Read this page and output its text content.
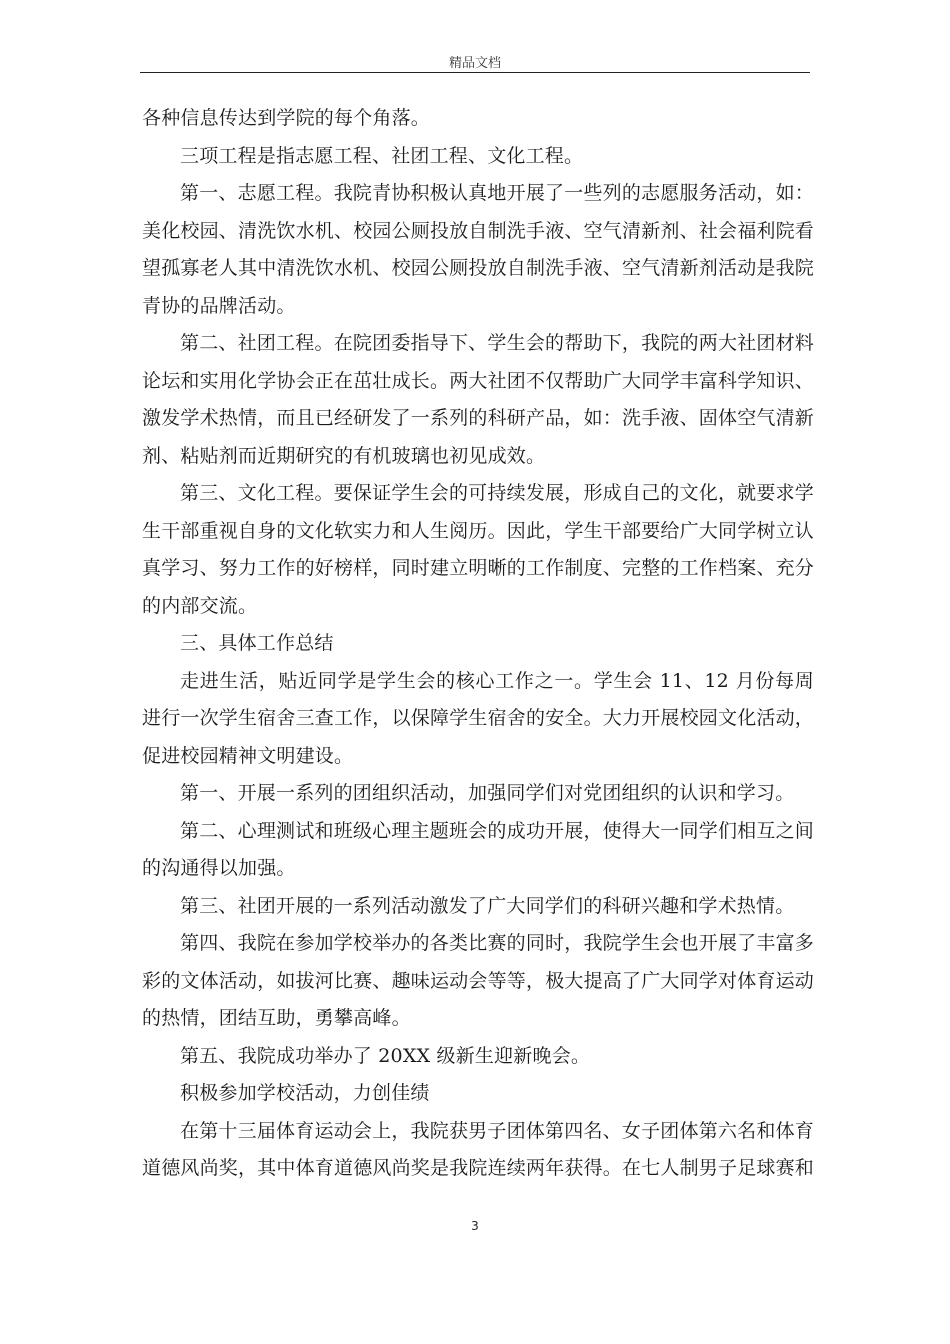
精品文档

各种信息传达到学院的每个角落。

三项工程是指志愿工程、社团工程、文化工程。

第一、志愿工程。我院青协积极认真地开展了一些列的志愿服务活动，如：美化校园、清洗饮水机、校园公厕投放自制洗手液、空气清新剂、社会福利院看望孤寡老人其中清洗饮水机、校园公厕投放自制洗手液、空气清新剂活动是我院青协的品牌活动。

第二、社团工程。在院团委指导下、学生会的帮助下，我院的两大社团材料论坛和实用化学协会正在茁壮成长。两大社团不仅帮助广大同学丰富科学知识、激发学术热情，而且已经研发了一系列的科研产品，如：洗手液、固体空气清新剂、粘贴剂而近期研究的有机玻璃也初见成效。

第三、文化工程。要保证学生会的可持续发展，形成自己的文化，就要求学生干部重视自身的文化软实力和人生阅历。因此，学生干部要给广大同学树立认真学习、努力工作的好榜样，同时建立明晰的工作制度、完整的工作档案、充分的内部交流。

三、具体工作总结

走进生活，贴近同学是学生会的核心工作之一。学生会 11、12 月份每周进行一次学生宿舍三查工作，以保障学生宿舍的安全。大力开展校园文化活动，促进校园精神文明建设。

第一、开展一系列的团组织活动，加强同学们对党团组织的认识和学习。

第二、心理测试和班级心理主题班会的成功开展，使得大一同学们相互之间的沟通得以加强。

第三、社团开展的一系列活动激发了广大同学们的科研兴趣和学术热情。

第四、我院在参加学校举办的各类比赛的同时，我院学生会也开展了丰富多彩的文体活动，如拔河比赛、趣味运动会等等，极大提高了广大同学对体育运动的热情，团结互助，勇攀高峰。

第五、我院成功举办了 20XX 级新生迎新晚会。

积极参加学校活动，力创佳绩

在第十三届体育运动会上，我院获男子团体第四名、女子团体第六名和体育道德风尚奖，其中体育道德风尚奖是我院连续两年获得。在七人制男子足球赛和

3
